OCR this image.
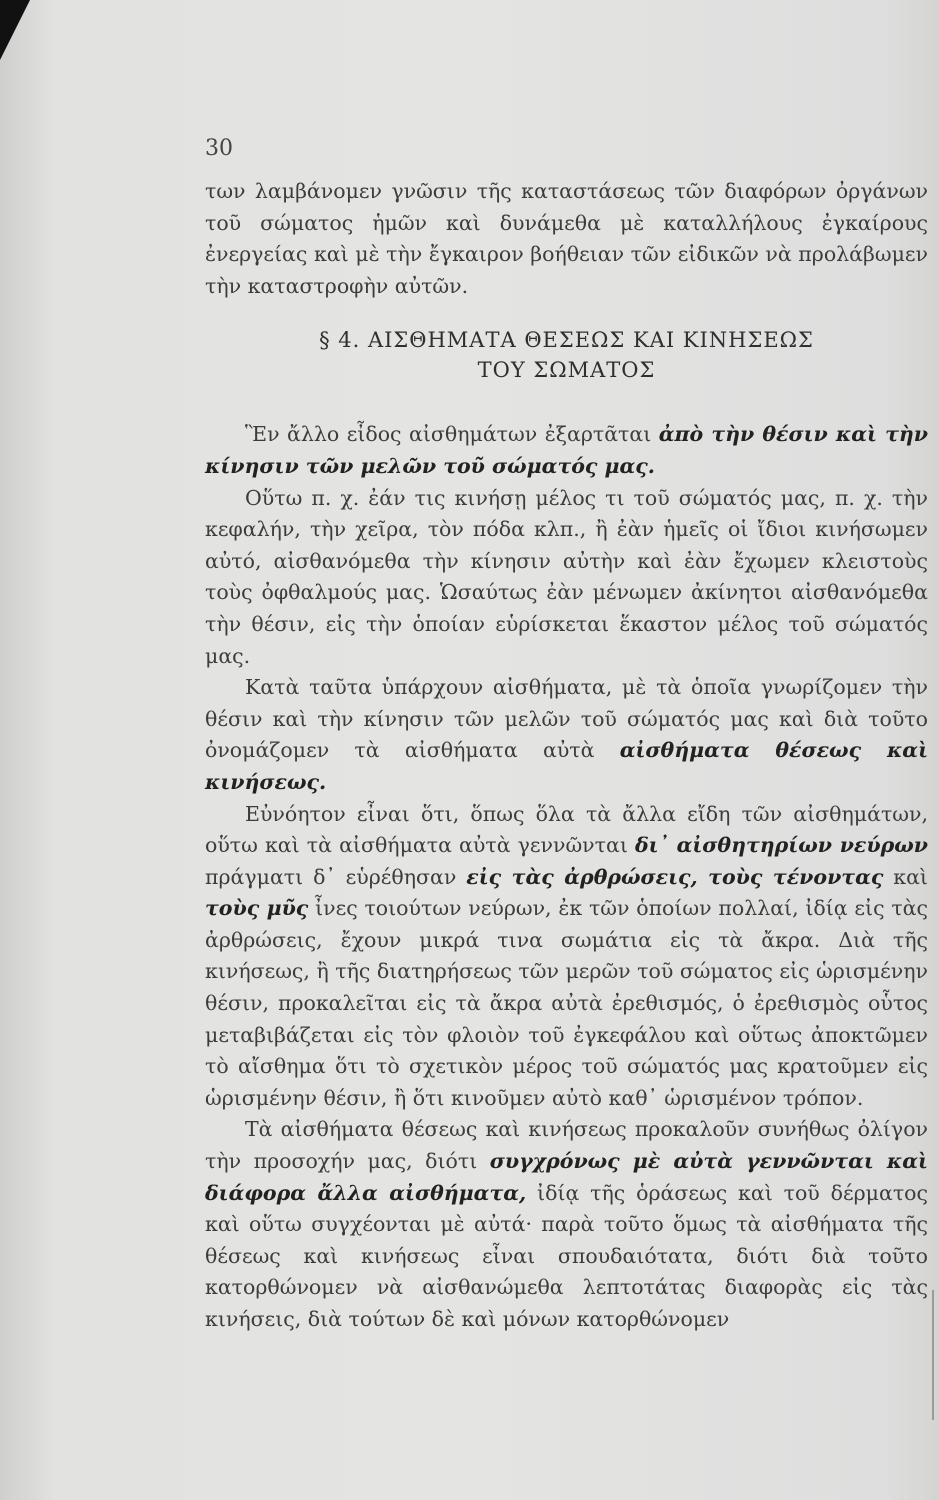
30

των λαμβάνομεν γνῶσιν τῆς καταστάσεως τῶν διαφόρων ὀργάνων τοῦ σώματος ἡμῶν καὶ δυνάμεθα μὲ καταλλήλους ἐγκαίρους ἐνεργείας καὶ μὲ τὴν ἔγκαιρον βοήθειαν τῶν εἰδικῶν νὰ προλάβωμεν τὴν καταστροφὴν αὐτῶν.

§ 4. ΑΙΣΘΗΜΑΤΑ ΘΕΣΕΩΣ ΚΑΙ ΚΙΝΗΣΕΩΣ
ΤΟΥ ΣΩΜΑΤΟΣ

Ἓν ἄλλο εἶδος αἰσθημάτων ἐξαρτᾶται ἀπὸ τὴν θέσιν καὶ τὴν κίνησιν τῶν μελῶν τοῦ σώματός μας.

Οὕτω π. χ. ἐάν τις κινήσῃ μέλος τι τοῦ σώματός μας, π. χ. τὴν κεφαλήν, τὴν χεῖρα, τὸν πόδα κλπ., ἢ ἐὰν ἡμεῖς οἱ ἴδιοι κινήσωμεν αὐτό, αἰσθανόμεθα τὴν κίνησιν αὐτὴν καὶ ἐὰν ἔχωμεν κλειστοὺς τοὺς ὀφθαλμούς μας. Ὡσαύτως ἐὰν μένωμεν ἀκίνητοι αἰσθανόμεθα τὴν θέσιν, εἰς τὴν ὁποίαν εὑρίσκεται ἕκαστον μέλος τοῦ σώματός μας.

Κατὰ ταῦτα ὑπάρχουν αἰσθήματα, μὲ τὰ ὁποῖα γνωρίζομεν τὴν θέσιν καὶ τὴν κίνησιν τῶν μελῶν τοῦ σώματός μας καὶ διὰ τοῦτο ὀνομάζομεν τὰ αἰσθήματα αὐτὰ αἰσθήματα θέσεως καὶ κινήσεως.

Εὐνόητον εἶναι ὅτι, ὅπως ὅλα τὰ ἄλλα εἴδη τῶν αἰσθημάτων, οὕτω καὶ τὰ αἰσθήματα αὐτὰ γεννῶνται δι᾽ αἰσθητηρίων νεύρων πράγματι δ᾽ εὑρέθησαν εἰς τὰς ἀρθρώσεις, τοὺς τένοντας καὶ τοὺς μῦς ἶνες τοιούτων νεύρων, ἐκ τῶν ὁποίων πολλαί, ἰδίᾳ εἰς τὰς ἀρθρώσεις, ἔχουν μικρά τινα σωμάτια εἰς τὰ ἄκρα. Διὰ τῆς κινήσεως, ἢ τῆς διατηρήσεως τῶν μερῶν τοῦ σώματος εἰς ὡρισμένην θέσιν, προκαλεῖται εἰς τὰ ἄκρα αὐτὰ ἐρεθισμός, ὁ ἐρεθισμὸς οὗτος μεταβιβάζεται εἰς τὸν φλοιὸν τοῦ ἐγκεφάλου καὶ οὕτως ἀποκτῶμεν τὸ αἴσθημα ὅτι τὸ σχετικὸν μέρος τοῦ σώματός μας κρατοῦμεν εἰς ὡρισμένην θέσιν, ἢ ὅτι κινοῦμεν αὐτὸ καθ᾽ ὡρισμένον τρόπον.

Τὰ αἰσθήματα θέσεως καὶ κινήσεως προκαλοῦν συνήθως ὀλίγον τὴν προσοχήν μας, διότι συγχρόνως μὲ αὐτὰ γεννῶνται καὶ διάφορα ἄλλα αἰσθήματα, ἰδίᾳ τῆς ὁράσεως καὶ τοῦ δέρματος καὶ οὕτω συγχέονται μὲ αὐτά· παρὰ τοῦτο ὅμως τὰ αἰσθήματα τῆς θέσεως καὶ κινήσεως εἶναι σπουδαιότατα, διότι διὰ τοῦτο κατορθώνομεν νὰ αἰσθανώμεθα λεπτοτάτας διαφορὰς εἰς τὰς κινήσεις, διὰ τούτων δὲ καὶ μόνων κατορθώνομεν
